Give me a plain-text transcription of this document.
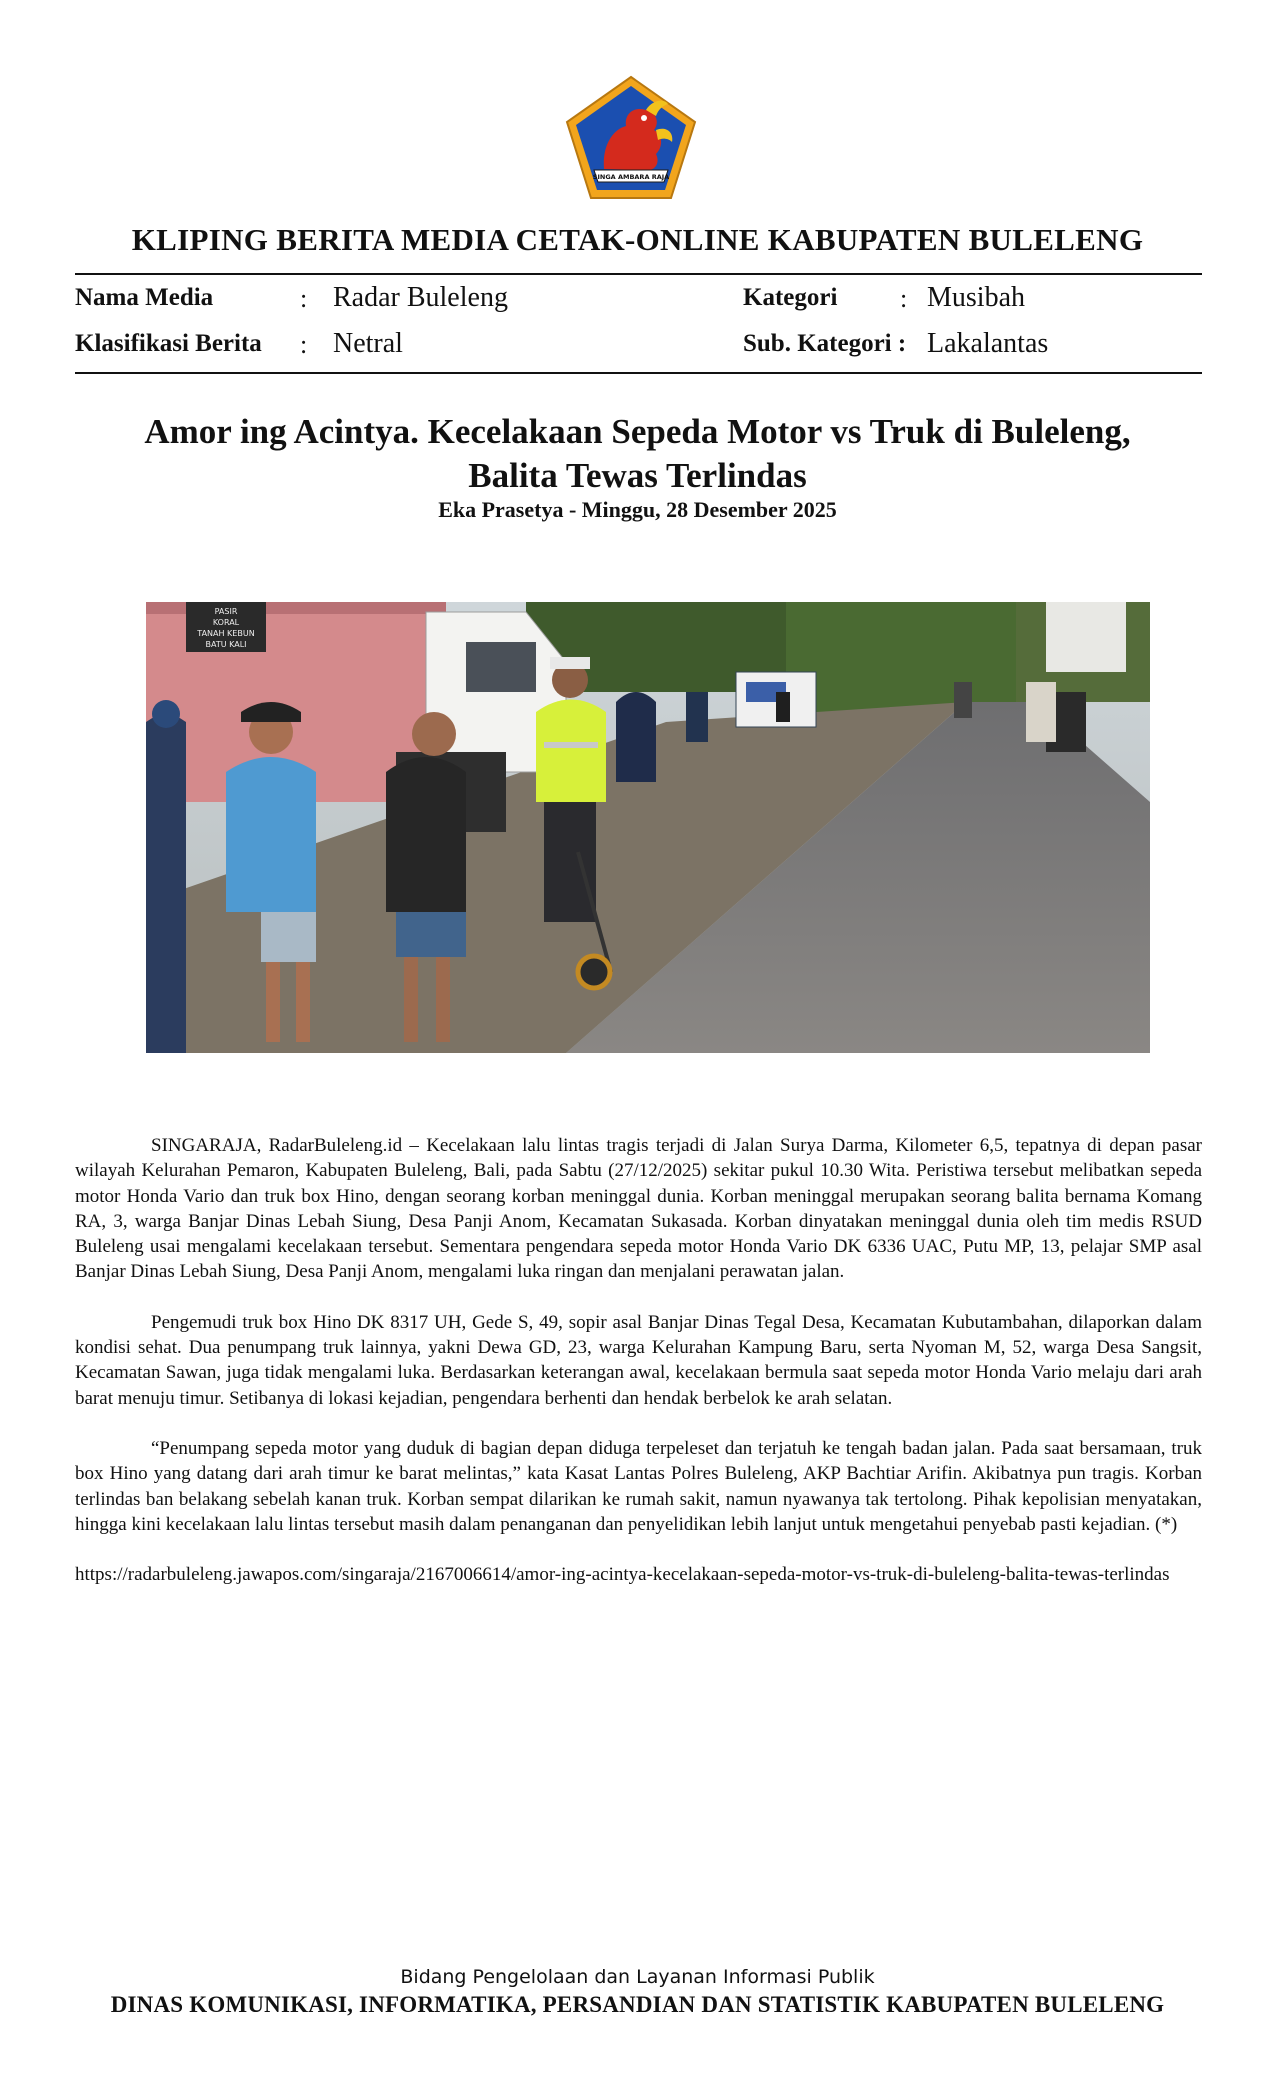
SINGA AMBARA RAJA
KLIPING BERITA MEDIA CETAK-ONLINE KABUPATEN BULELENG
Nama Media	: Radar Buleleng
Klasifikasi Berita : Netral
Kategori : Musibah
Sub. Kategori : Lakalantas
Amor ing Acintya. Kecelakaan Sepeda Motor vs Truk di Buleleng,
Balita Tewas Terlindas
Eka Prasetya - Minggu, 28 Desember 2025
PASIR
KORAL
TANAH KEBUN
BATU KALI

SINGARAJA, RadarBuleleng.id – Kecelakaan lalu lintas tragis terjadi di Jalan Surya Darma, Kilometer 6,5, tepatnya di depan pasar wilayah Kelurahan Pemaron, Kabupaten Buleleng, Bali, pada Sabtu (27/12/2025) sekitar pukul 10.30 Wita. Peristiwa tersebut melibatkan sepeda motor Honda Vario dan truk box Hino, dengan seorang korban meninggal dunia. Korban meninggal merupakan seorang balita bernama Komang RA, 3, warga Banjar Dinas Lebah Siung, Desa Panji Anom, Kecamatan Sukasada. Korban dinyatakan meninggal dunia oleh tim medis RSUD Buleleng usai mengalami kecelakaan tersebut. Sementara pengendara sepeda motor Honda Vario DK 6336 UAC, Putu MP, 13, pelajar SMP asal Banjar Dinas Lebah Siung, Desa Panji Anom, mengalami luka ringan dan menjalani perawatan jalan.

Pengemudi truk box Hino DK 8317 UH, Gede S, 49, sopir asal Banjar Dinas Tegal Desa, Kecamatan Kubutambahan, dilaporkan dalam kondisi sehat. Dua penumpang truk lainnya, yakni Dewa GD, 23, warga Kelurahan Kampung Baru, serta Nyoman M, 52, warga Desa Sangsit, Kecamatan Sawan, juga tidak mengalami luka. Berdasarkan keterangan awal, kecelakaan bermula saat sepeda motor Honda Vario melaju dari arah barat menuju timur. Setibanya di lokasi kejadian, pengendara berhenti dan hendak berbelok ke arah selatan.

“Penumpang sepeda motor yang duduk di bagian depan diduga terpeleset dan terjatuh ke tengah badan jalan. Pada saat bersamaan, truk box Hino yang datang dari arah timur ke barat melintas,” kata Kasat Lantas Polres Buleleng, AKP Bachtiar Arifin. Akibatnya pun tragis. Korban terlindas ban belakang sebelah kanan truk. Korban sempat dilarikan ke rumah sakit, namun nyawanya tak tertolong. Pihak kepolisian menyatakan, hingga kini kecelakaan lalu lintas tersebut masih dalam penanganan dan penyelidikan lebih lanjut untuk mengetahui penyebab pasti kejadian. (*)

https://radarbuleleng.jawapos.com/singaraja/2167006614/amor-ing-acintya-kecelakaan-sepeda-motor-vs-truk-di-buleleng-balita-tewas-terlindas

Bidang Pengelolaan dan Layanan Informasi Publik
DINAS KOMUNIKASI, INFORMATIKA, PERSANDIAN DAN STATISTIK KABUPATEN BULELENG
